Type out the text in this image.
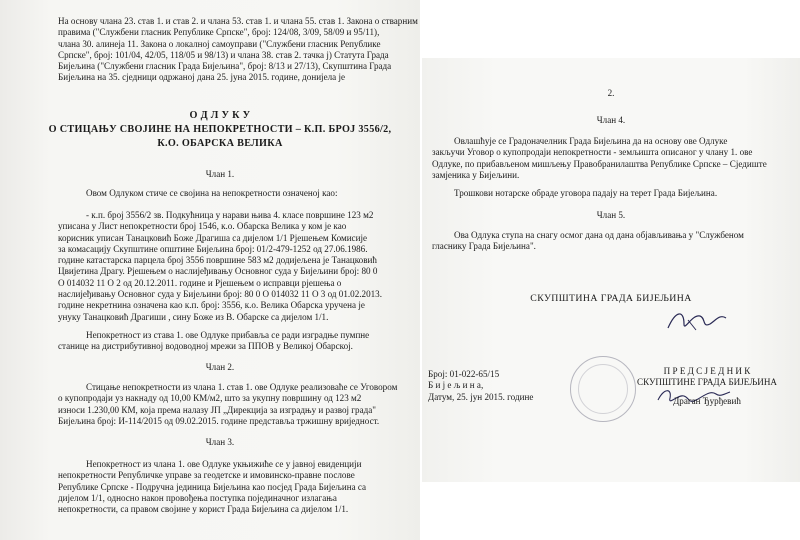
На основу члана 23. став 1. и став 2. и члана 53. став 1. и члана 55. став 1. Закона о стварним

правима ("Службени гласник Републике Српске", број: 124/08, 3/09, 58/09 и 95/11),

члана 30. алинеја 11. Закона о локалној самоуправи ("Службени гласник Републике

Српске", број: 101/04, 42/05, 118/05 и 98/13) и члана 38. став 2. тачка ј) Статута Града

Бијељина ("Службени гласник Града Бијељина", број: 8/13 и 27/13), Скупштина Града

Бијељина на 35. сједници одржаној дана 25. јуна 2015. године, донијела је

О Д Л У К У
О СТИЦАЊУ СВОЈИНЕ НА НЕПОКРЕТНОСТИ – К.П. БРОЈ 3556/2,
К.О. ОБАРСКА ВЕЛИКА
Члан 1.
Овом Одлуком стиче се својина на непокретности означеној као:

- к.п. број 3556/2 зв. Подкућница у нарави њива 4. класе површине 123 м2

уписана у Лист непокретности број 1546, к.о. Обарска Велика у ком је као

корисник уписан Танацковић Боже Драгиша са дијелом 1/1 Рјешењем Комисије

за комасацију Скупштине општине Бијељина број: 01/2-479-1252 од 27.06.1986.

године катастарска парцела број 3556 површине 583 м2 додијељена је Танацковић

Цвијетина Драгу. Рјешењем о наслијеђивању Основног суда у Бијељини број: 80 0

О 014032 11 О 2 од 20.12.2011. године и Рјешењем о исправци рјешења о

наслијеђивању Основног суда у Бијељини број: 80 0 О 014032 11 О 3 од 01.02.2013.

године некретнина означена као к.п. број: 3556, к.о. Велика Обарска уручена је

унуку Танацковић Драгиши , сину Боже из В. Обарске са дијелом 1/1.

Непокретност из става 1. ове Одлуке прибавља се ради изградње пумпне

станице на дистрибутивној водоводној мрежи за ППОВ у Великој Обарској.

Члан 2.

Стицање непокретности из члана 1. став 1. ове Одлуке реализоваће се Уговором

о купопродаји уз накнаду од 10,00 КМ/м2, што за укупну површину од 123 м2

износи 1.230,00 КМ, која према налазу ЈП „Дирекција за изградњу и развој града"

Бијељина број: И-114/2015 од 09.02.2015. године представља тржишну вриједност.

Члан 3.

Непокретност из члана 1. ове Одлуке укњижиће се у јавној евиденцији

непокретности Републичке управе за геодетске и имовинско-правне послове

Републике Српске - Подручна јединица Бијељина као посјед Града Бијељина са

дијелом 1/1, односно након провођења поступка појединачног излагања

непокретности, са правом својине у корист Града Бијељина са дијелом 1/1.

2.
Члан 4.

Овлашћује се Градоначелник Града Бијељина да на основу ове Одлуке

закључи Уговор о купопродаји непокретности - земљишта описаног у члану 1. ове

Одлуке, по прибављеном мишљењу Правобранилаштва Републике Српске – Сједиште

замјеника у Бијељини.

Трошкови нотарске обраде уговора падају на терет Града Бијељина.
Члан 5.

Ова Одлука ступа на снагу осмог дана од дана објављивања у "Службеном

гласнику Града Бијељина".

СКУПШТИНА ГРАДА БИЈЕЉИНА
Број: 01-022-65/15
Б и ј е љ и н а,
Датум, 25. јун 2015. године
П Р Е Д С Ј Е Д Н И К
СКУПШТИНЕ ГРАДА БИЈЕЉИНА
Драган Ђурђевић
